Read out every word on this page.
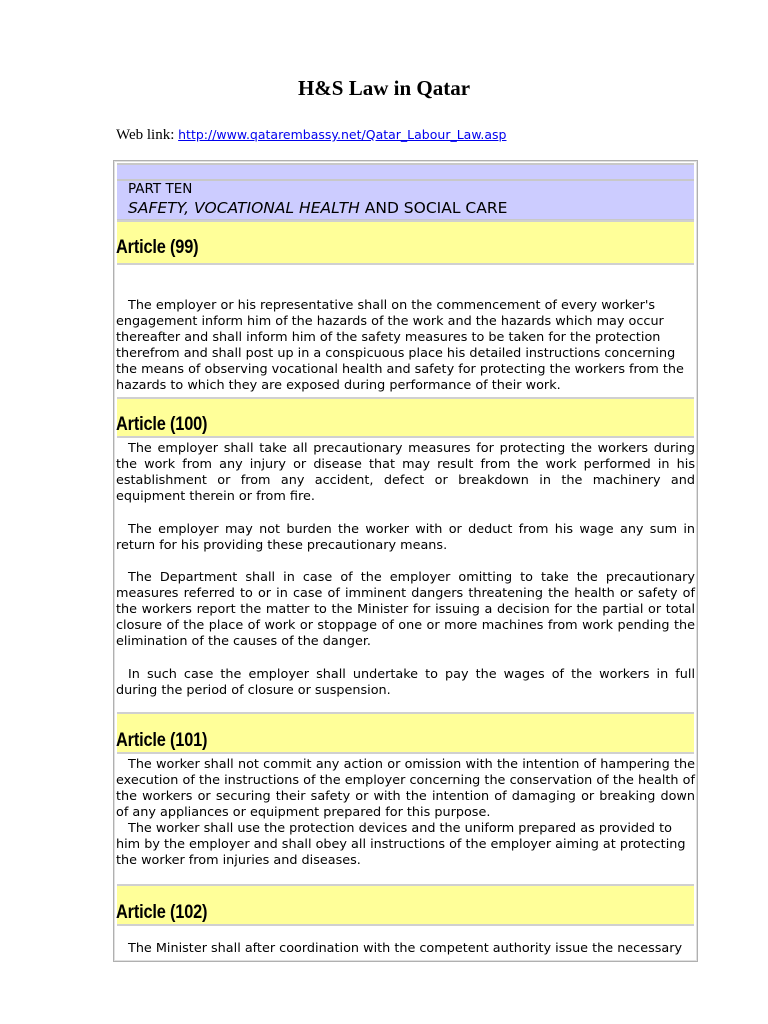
H&S Law in Qatar
Web link: http://www.qatarembassy.net/Qatar_Labour_Law.asp
PART TEN
SAFETY, VOCATIONAL HEALTH AND SOCIAL CARE
Article (99)

The employer or his representative shall on the commencement of every worker's engagement inform him of the hazards of the work and the hazards which may occur thereafter and shall inform him of the safety measures to be taken for the protection therefrom and shall post up in a conspicuous place his detailed instructions concerning the means of observing vocational health and safety for protecting the workers from the hazards to which they are exposed during performance of their work.

Article (100)

The employer shall take all precautionary measures for protecting the workers during the work from any injury or disease that may result from the work performed in his establishment or from any accident, defect or breakdown in the machinery and equipment therein or from fire.

The employer may not burden the worker with or deduct from his wage any sum in return for his providing these precautionary means.

The Department shall in case of the employer omitting to take the precautionary measures referred to or in case of imminent dangers threatening the health or safety of the workers report the matter to the Minister for issuing a decision for the partial or total closure of the place of work or stoppage of one or more machines from work pending the elimination of the causes of the danger.

In such case the employer shall undertake to pay the wages of the workers in full during the period of closure or suspension.

Article (101)

The worker shall not commit any action or omission with the intention of hampering the execution of the instructions of the employer concerning the conservation of the health of the workers or securing their safety or with the intention of damaging or breaking down of any appliances or equipment prepared for this purpose.

The worker shall use the protection devices and the uniform prepared as provided to him by the employer and shall obey all instructions of the employer aiming at protecting the worker from injuries and diseases.

Article (102)

The Minister shall after coordination with the competent authority issue the necessary
